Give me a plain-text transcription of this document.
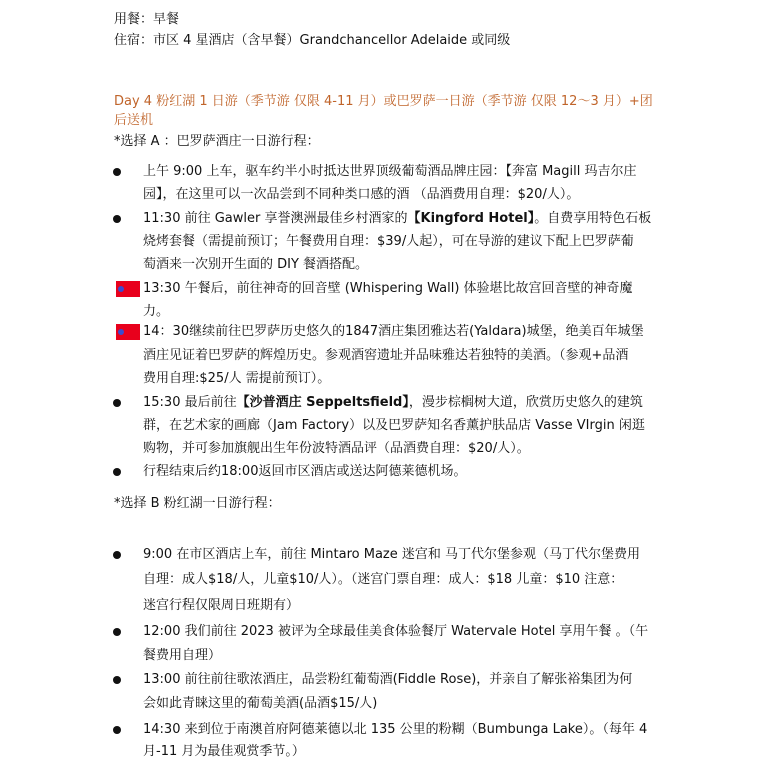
用餐：早餐
住宿：市区 4 星酒店（含早餐）Grandchancellor Adelaide 或同级
Day 4 粉红湖 1 日游（季节游 仅限 4-11 月）或巴罗萨一日游（季节游 仅限 12～3 月）+团
后送机
*选择 A ：巴罗萨酒庄一日游行程：
上午 9:00 上车，驱车约半小时抵达世界顶级葡萄酒品牌庄园：【奔富 Magill 玛吉尔庄
园】，在这里可以一次品尝到不同种类口感的酒 （品酒费用自理：$20/人）。
11:30 前往 Gawler 享誉澳洲最佳乡村酒家的【Kingford Hotel】。自费享用特色石板
烧烤套餐（需提前预订；午餐费用自理：$39/人起），可在导游的建议下配上巴罗萨葡
萄酒来一次别开生面的 DIY 餐酒搭配。
13:30 午餐后，前往神奇的回音壁 (Whispering Wall) 体验堪比故宫回音壁的神奇魔
力。
14：30继续前往巴罗萨历史悠久的1847酒庄集团雅达若(Yaldara)城堡，绝美百年城堡
酒庄见证着巴罗萨的辉煌历史。参观酒窖遗址并品味雅达若独特的美酒。（参观+品酒
费用自理:$25/人 需提前预订）。
15:30 最后前往【沙普酒庄 Seppeltsfield】，漫步棕榈树大道，欣赏历史悠久的建筑
群，在艺术家的画廊（Jam Factory）以及巴罗萨知名香薰护肤品店 Vasse VIrgin 闲逛
购物，并可参加旗舰出生年份波特酒品评（品酒费自理：$20/人）。
行程结束后约18:00返回市区酒店或送达阿德莱德机场。
*选择 B 粉红湖一日游行程：
9:00 在市区酒店上车，前往 Mintaro Maze 迷宫和 马丁代尔堡参观（马丁代尔堡费用
自理：成人$18/人，儿童$10/人）。（迷宫门票自理：成人：$18 儿童：$10 注意：
迷宫行程仅限周日班期有）
12:00 我们前往 2023 被评为全球最佳美食体验餐厅 Watervale Hotel 享用午餐 。（午
餐费用自理）
13:00 前往前往歌浓酒庄，品尝粉红葡萄酒(Fiddle Rose)，并亲自了解张裕集团为何
会如此青睐这里的葡萄美酒(品酒$15/人)
14:30 来到位于南澳首府阿德莱德以北 135 公里的粉糊（Bumbunga Lake）。（每年 4
月-11 月为最佳观赏季节。）
